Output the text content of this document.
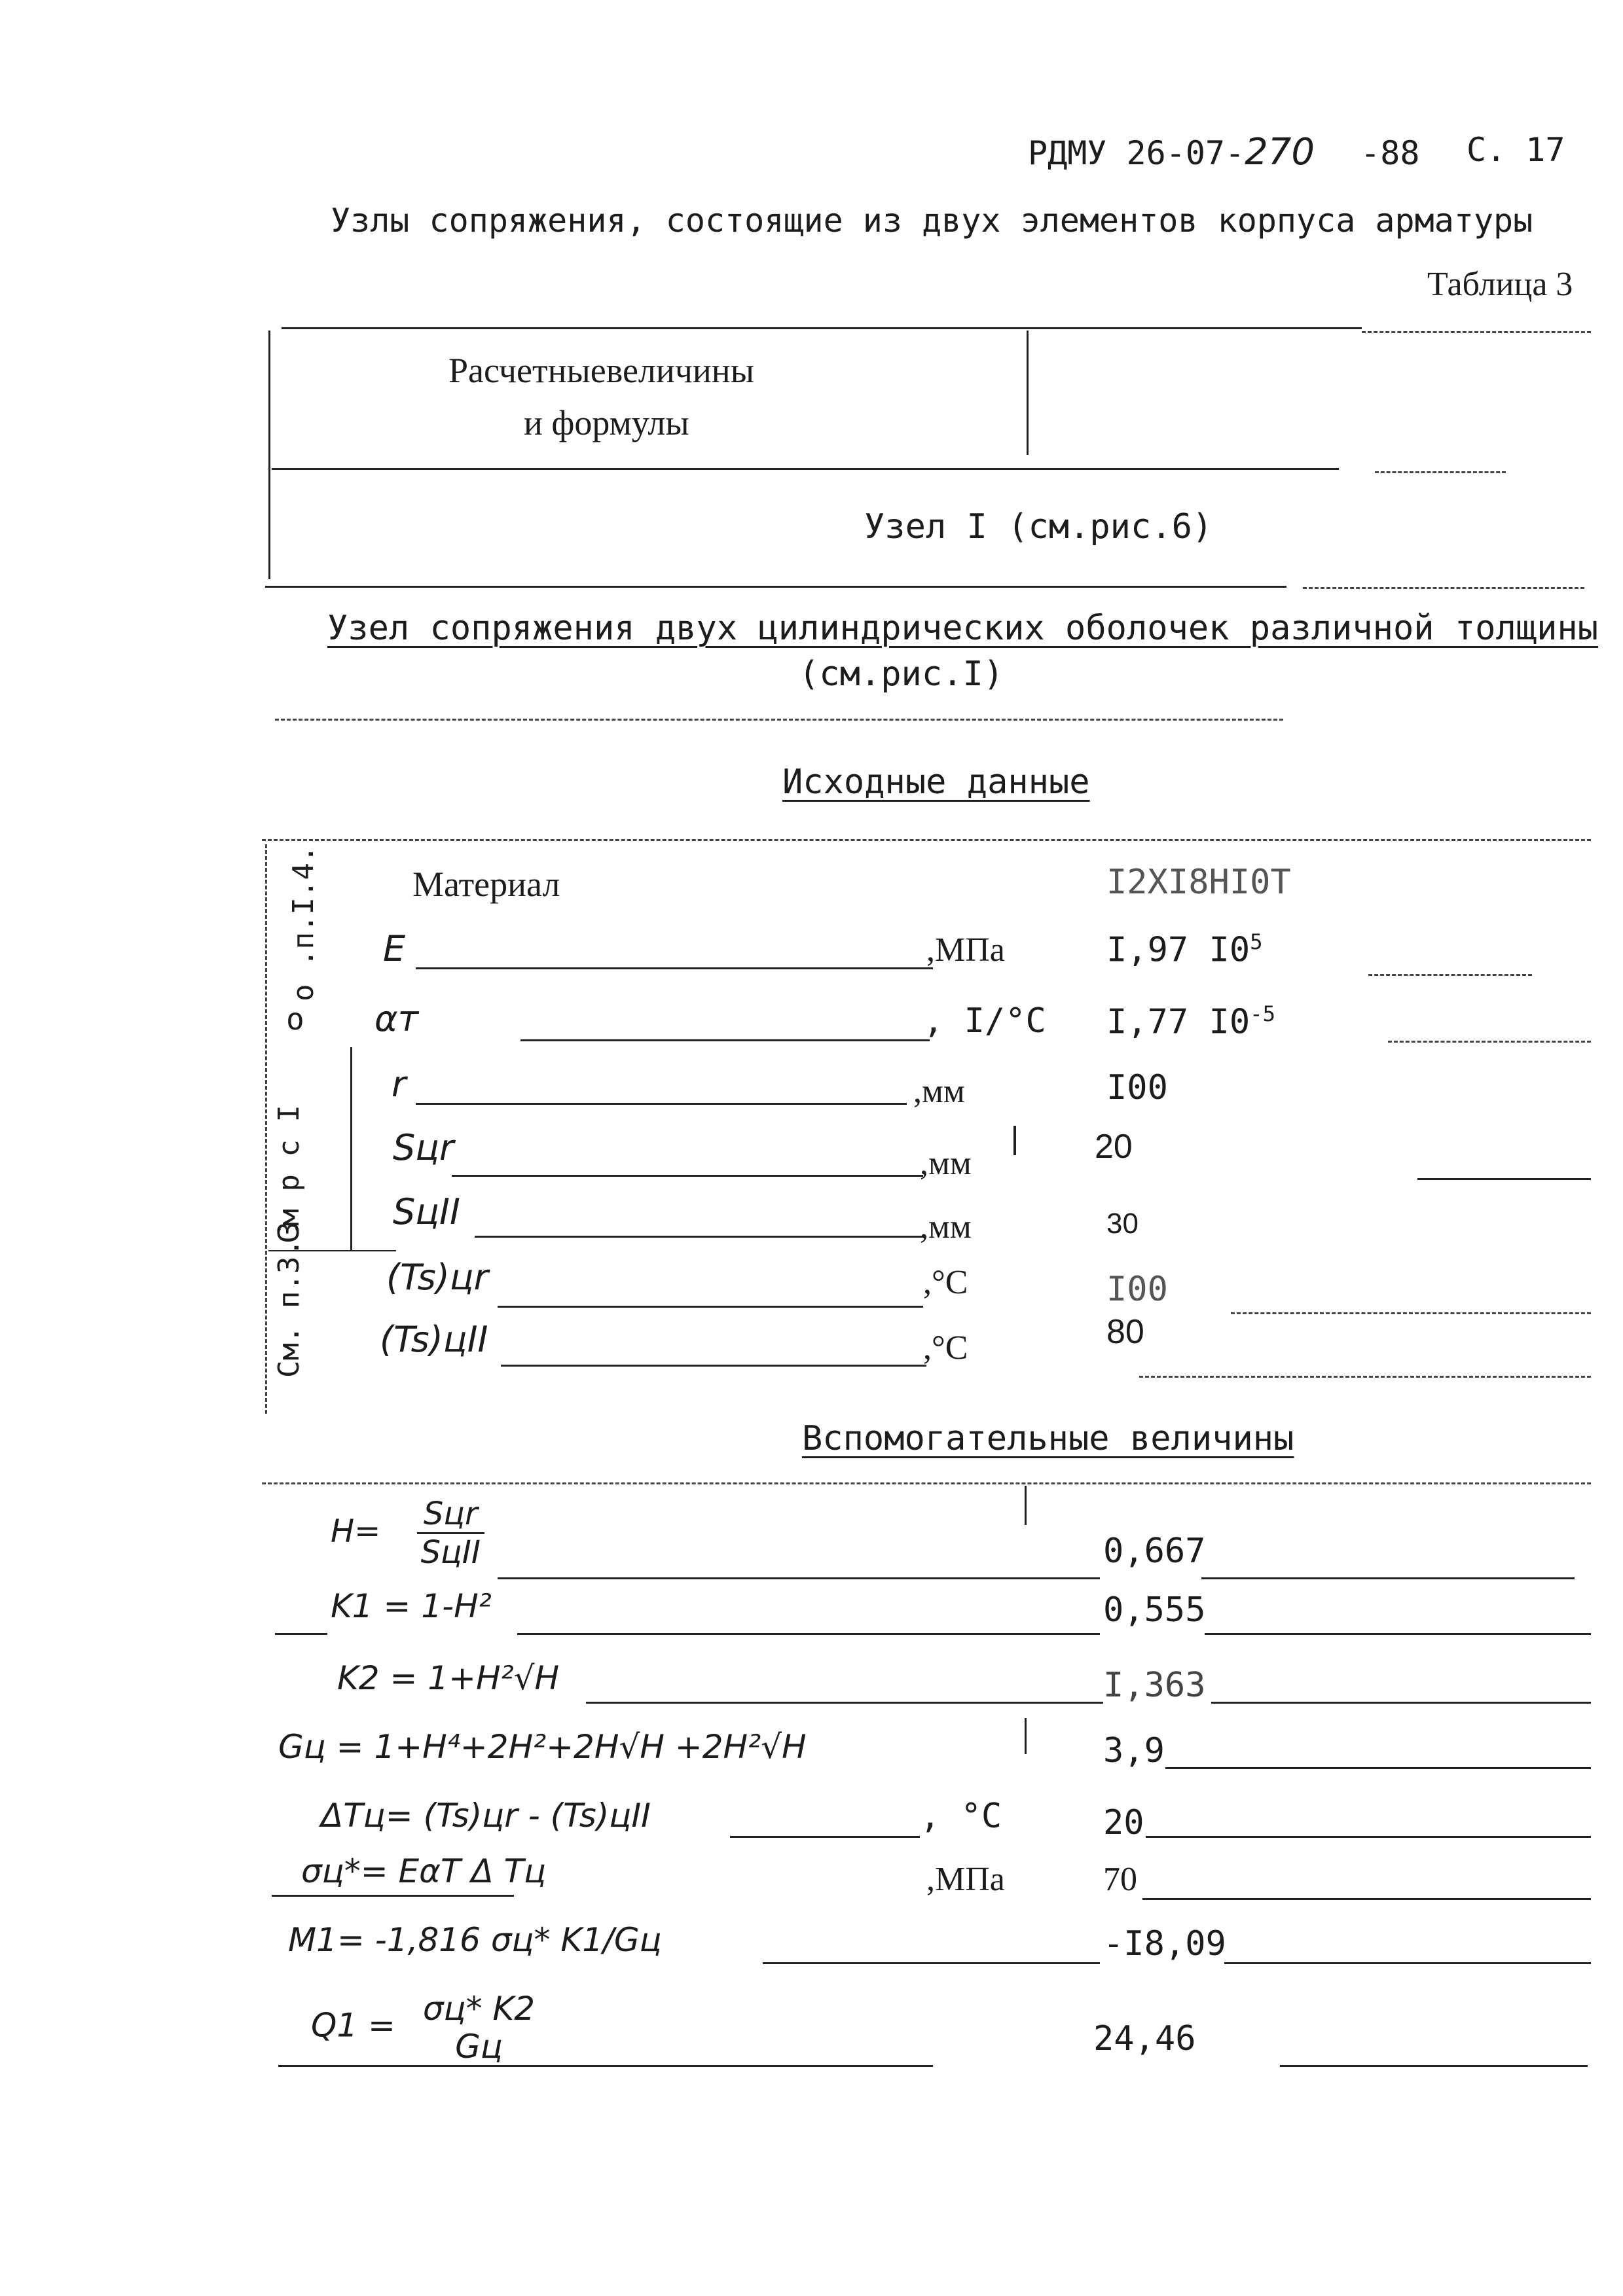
РДМУ 26-07-270 -88 С. 17
Узлы сопряжения, состоящие из двух элементов корпуса арматуры
Таблица 3
Расчетныевеличины
и формулы
Узел I (см.рис.6)
Узел сопряжения двух цилиндрических оболочек различной толщины
(см.рис.I)
Исходные данные
о .п.I.4.
См р с I
См. п.3.3
Материал	I2XI8HI0T
E	,МПа	I,97 $I0^5$
о αт	, I/°С I,77 $I0^{-5}$
r	,мм	I00
Sцr	,мм	20
SцII	,мм	30
(Ts)цr	,°С	I00
(Ts)цII	,°С	80
Вспомогательные величины
$H= \frac{\text{Sцr}}{\text{SцII}}$	0,667
K1 = 1-H²	0,555
K2 = 1+H²√H	I,363
Gц = 1+H⁴+2H²+2H√H +2H²√H	3,9
ΔTц= (Ts)цr - (Ts)цII	, °С	20
σц*= EαT Δ Tц	,МПа	70
M1= -1,816 σц* K1/Gц	-I8,09
Q1 = σц* K2
Gц	24,46
